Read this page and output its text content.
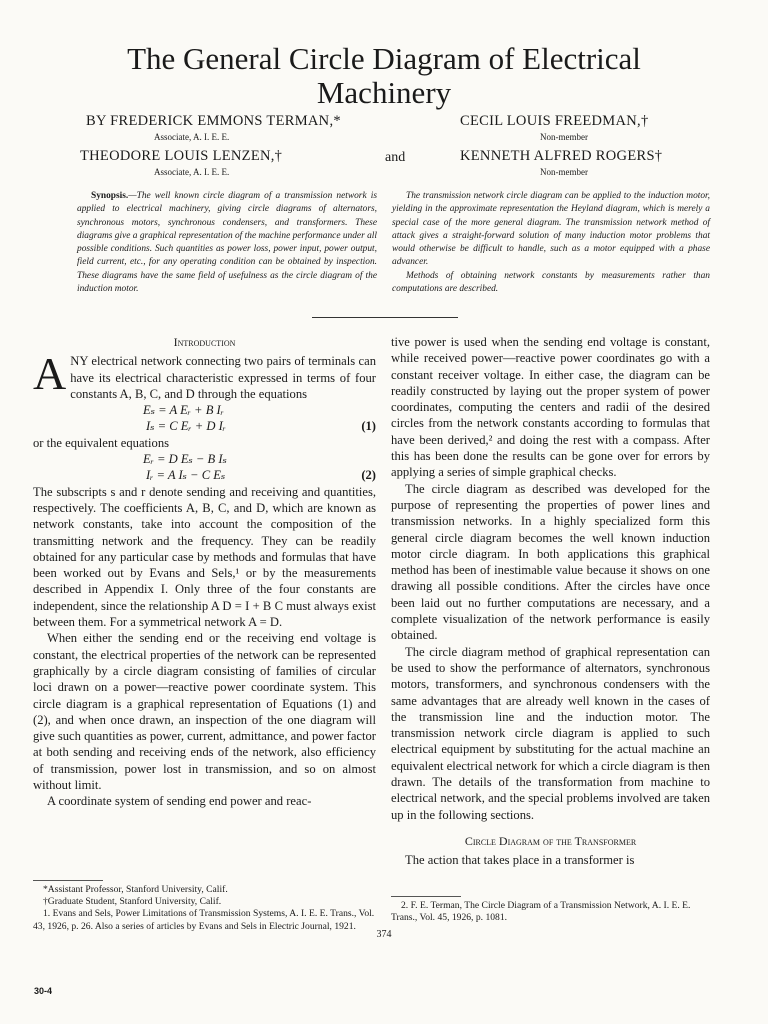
The General Circle Diagram of Electrical
Machinery
BY FREDERICK EMMONS TERMAN,*
Associate, A. I. E. E.
CECIL LOUIS FREEDMAN,†
Non-member
THEODORE LOUIS LENZEN,†	and
Associate, A. I. E. E.
KENNETH ALFRED ROGERS†
Non-member

Synopsis.—The well known circle diagram of a transmission network is applied to electrical machinery, giving circle diagrams of alternators, synchronous motors, synchronous condensers, and transformers. These diagrams give a graphical representation of the machine performance under all possible conditions. Such quantities as power loss, power input, power output, field current, etc., for any operating condition can be obtained by inspection. These diagrams have the same field of usefulness as the circle diagram of the induction motor.

The transmission network circle diagram can be applied to the induction motor, yielding in the approximate representation the Heyland diagram, which is merely a special case of the more general diagram. The transmission network method of attack gives a straight-forward solution of many induction motor problems that would otherwise be difficult to handle, such as a motor equipped with a phase advancer.

Methods of obtaining network constants by measurements rather than computations are described.

Introduction

ANY electrical network connecting two pairs of terminals can have its electrical characteristic expressed in terms of four constants A, B, C, and D through the equations

Eₛ = A Eᵣ + B Iᵣ
Iₛ = C Eᵣ + D Iᵣ	(1)

or the equivalent equations

Eᵣ = D Eₛ − B Iₛ
Iᵣ = A Iₛ − C Eₛ	(2)

The subscripts s and r denote sending and receiving and quantities, respectively. The coefficients A, B, C, and D, which are known as network constants, take into account the composition of the transmitting network and the frequency. They can be readily obtained for any particular case by methods and formulas that have been worked out by Evans and Sels,¹ or by the measurements described in Appendix I. Only three of the four constants are independent, since the relationship A D = I + B C must always exist between them. For a symmetrical network A = D.

When either the sending end or the receiving end voltage is constant, the electrical properties of the network can be represented graphically by a circle diagram consisting of families of circular loci drawn on a power—reactive power coordinate system. This circle diagram is a graphical representation of Equations (1) and (2), and when once drawn, an inspection of the one diagram will give such quantities as power, current, admittance, and power factor at both sending and receiving ends of the network, also efficiency of transmission, power lost in transmission, and so on almost without limit.

A coordinate system of sending end power and reac-

tive power is used when the sending end voltage is constant, while received power—reactive power coordinates go with a constant receiver voltage. In either case, the diagram can be readily constructed by laying out the proper system of power coordinates, computing the centers and radii of the desired circles from the network constants according to formulas that have been derived,² and doing the rest with a compass. After this has been done the results can be gone over for errors by applying a series of simple graphical checks.

The circle diagram as described was developed for the purpose of representing the properties of power lines and transmission networks. In a highly specialized form this general circle diagram becomes the well known induction motor circle diagram. In both applications this graphical method has been of inestimable value because it shows on one drawing all possible conditions. After the circles have once been laid out no further computations are necessary, and a complete visualization of the network performance is easily obtained.

The circle diagram method of graphical representation can be used to show the performance of alternators, synchronous motors, transformers, and synchronous condensers with the same advantages that are already well known in the cases of the transmission line and the induction motor. The transmission network circle diagram is applied to such electrical equipment by substituting for the actual machine an equivalent electrical network for which a circle diagram is then drawn. The details of the transformation from machine to electrical network, and the special problems involved are taken up in the following sections.

Circle Diagram of the Transformer

The action that takes place in a transformer is

*Assistant Professor, Stanford University, Calif.

†Graduate Student, Stanford University, Calif.

1. Evans and Sels, Power Limitations of Transmission Systems, A. I. E. E. Trans., Vol. 43, 1926, p. 26. Also a series of articles by Evans and Sels in Electric Journal, 1921.

2. F. E. Terman, The Circle Diagram of a Transmission Network, A. I. E. E. Trans., Vol. 45, 1926, p. 1081.

374
30-4
